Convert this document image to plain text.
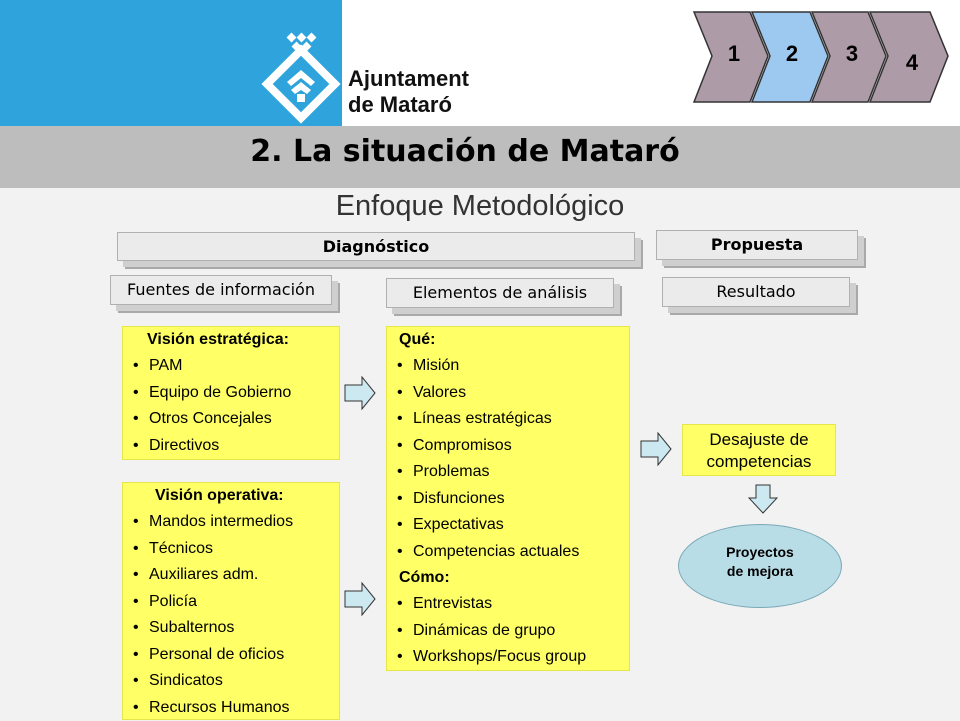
Ajuntament
de Mataró
1 2 3 4
2. La situación de Mataró
Enfoque Metodológico
Diagnóstico	Propuesta
Fuentes de información	Elementos de análisis	Resultado
Visión estratégica:
• PAM
• Equipo de Gobierno
• Otros Concejales
• Directivos
Visión operativa:
• Mandos intermedios
• Técnicos
• Auxiliares adm.
• Policía
• Subalternos
• Personal de oficios
• Sindicatos
• Recursos Humanos
Qué:
• Misión
• Valores
• Líneas estratégicas
• Compromisos
• Problemas
• Disfunciones
• Expectativas
• Competencias actuales
Cómo:
• Entrevistas
• Dinámicas de grupo
• Workshops/Focus group
Desajuste de
competencias
Proyectos
de mejora
